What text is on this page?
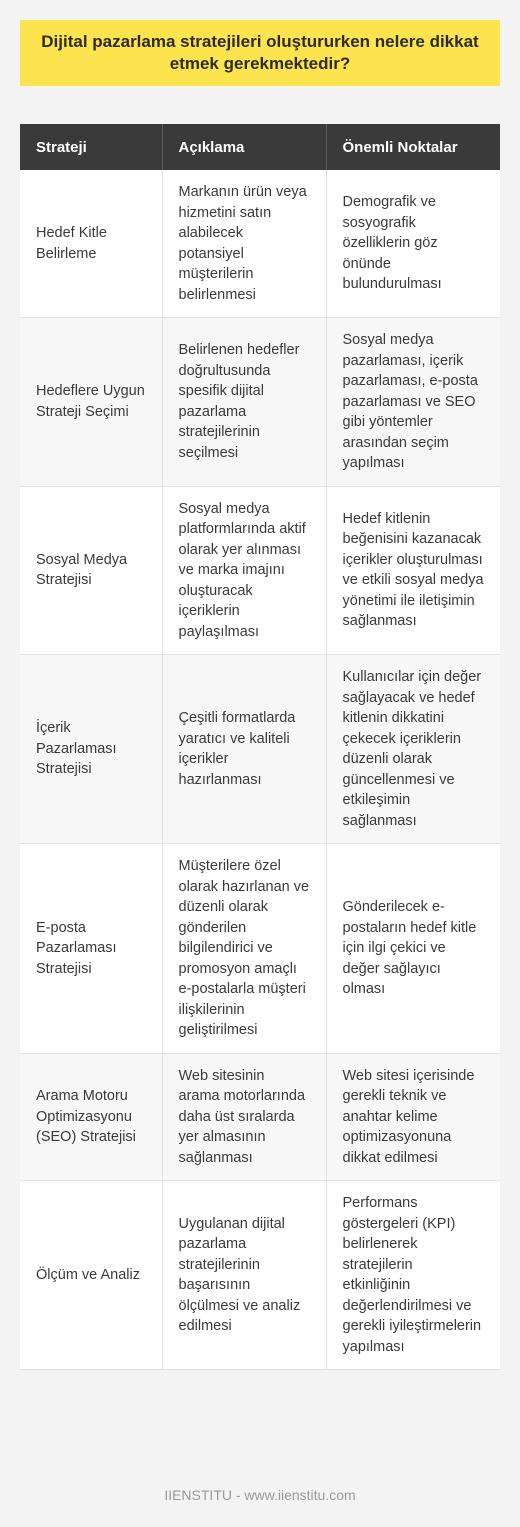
Dijital pazarlama stratejileri oluştururken nelere dikkat etmek gerekmektedir?

Strateji	Açıklama	Önemli Noktalar
Hedef Kitle Belirleme	Markanın ürün veya hizmetini satın alabilecek potansiyel müşterilerin belirlenmesi	Demografik ve sosyografik özelliklerin göz önünde bulundurulması
Hedeflere Uygun Strateji Seçimi	Belirlenen hedefler doğrultusunda spesifik dijital pazarlama stratejilerinin seçilmesi	Sosyal medya pazarlaması, içerik pazarlaması, e-posta pazarlaması ve SEO gibi yöntemler arasından seçim yapılması
Sosyal Medya Stratejisi	Sosyal medya platformlarında aktif olarak yer alınması ve marka imajını oluşturacak içeriklerin paylaşılması	Hedef kitlenin beğenisini kazanacak içerikler oluşturulması ve etkili sosyal medya yönetimi ile iletişimin sağlanması
İçerik Pazarlaması Stratejisi	Çeşitli formatlarda yaratıcı ve kaliteli içerikler hazırlanması	Kullanıcılar için değer sağlayacak ve hedef kitlenin dikkatini çekecek içeriklerin düzenli olarak güncellenmesi ve etkileşimin sağlanması
E-posta Pazarlaması Stratejisi	Müşterilere özel olarak hazırlanan ve düzenli olarak gönderilen bilgilendirici ve promosyon amaçlı e-postalarla müşteri ilişkilerinin geliştirilmesi	Gönderilecek e-postaların hedef kitle için ilgi çekici ve değer sağlayıcı olması
Arama Motoru Optimizasyonu (SEO) Stratejisi	Web sitesinin arama motorlarında daha üst sıralarda yer almasının sağlanması	Web sitesi içerisinde gerekli teknik ve anahtar kelime optimizasyonuna dikkat edilmesi
Ölçüm ve Analiz	Uygulanan dijital pazarlama stratejilerinin başarısının ölçülmesi ve analiz edilmesi	Performans göstergeleri (KPI) belirlenerek stratejilerin etkinliğinin değerlendirilmesi ve gerekli iyileştirmelerin yapılması
IIENSTITU - www.iienstitu.com
